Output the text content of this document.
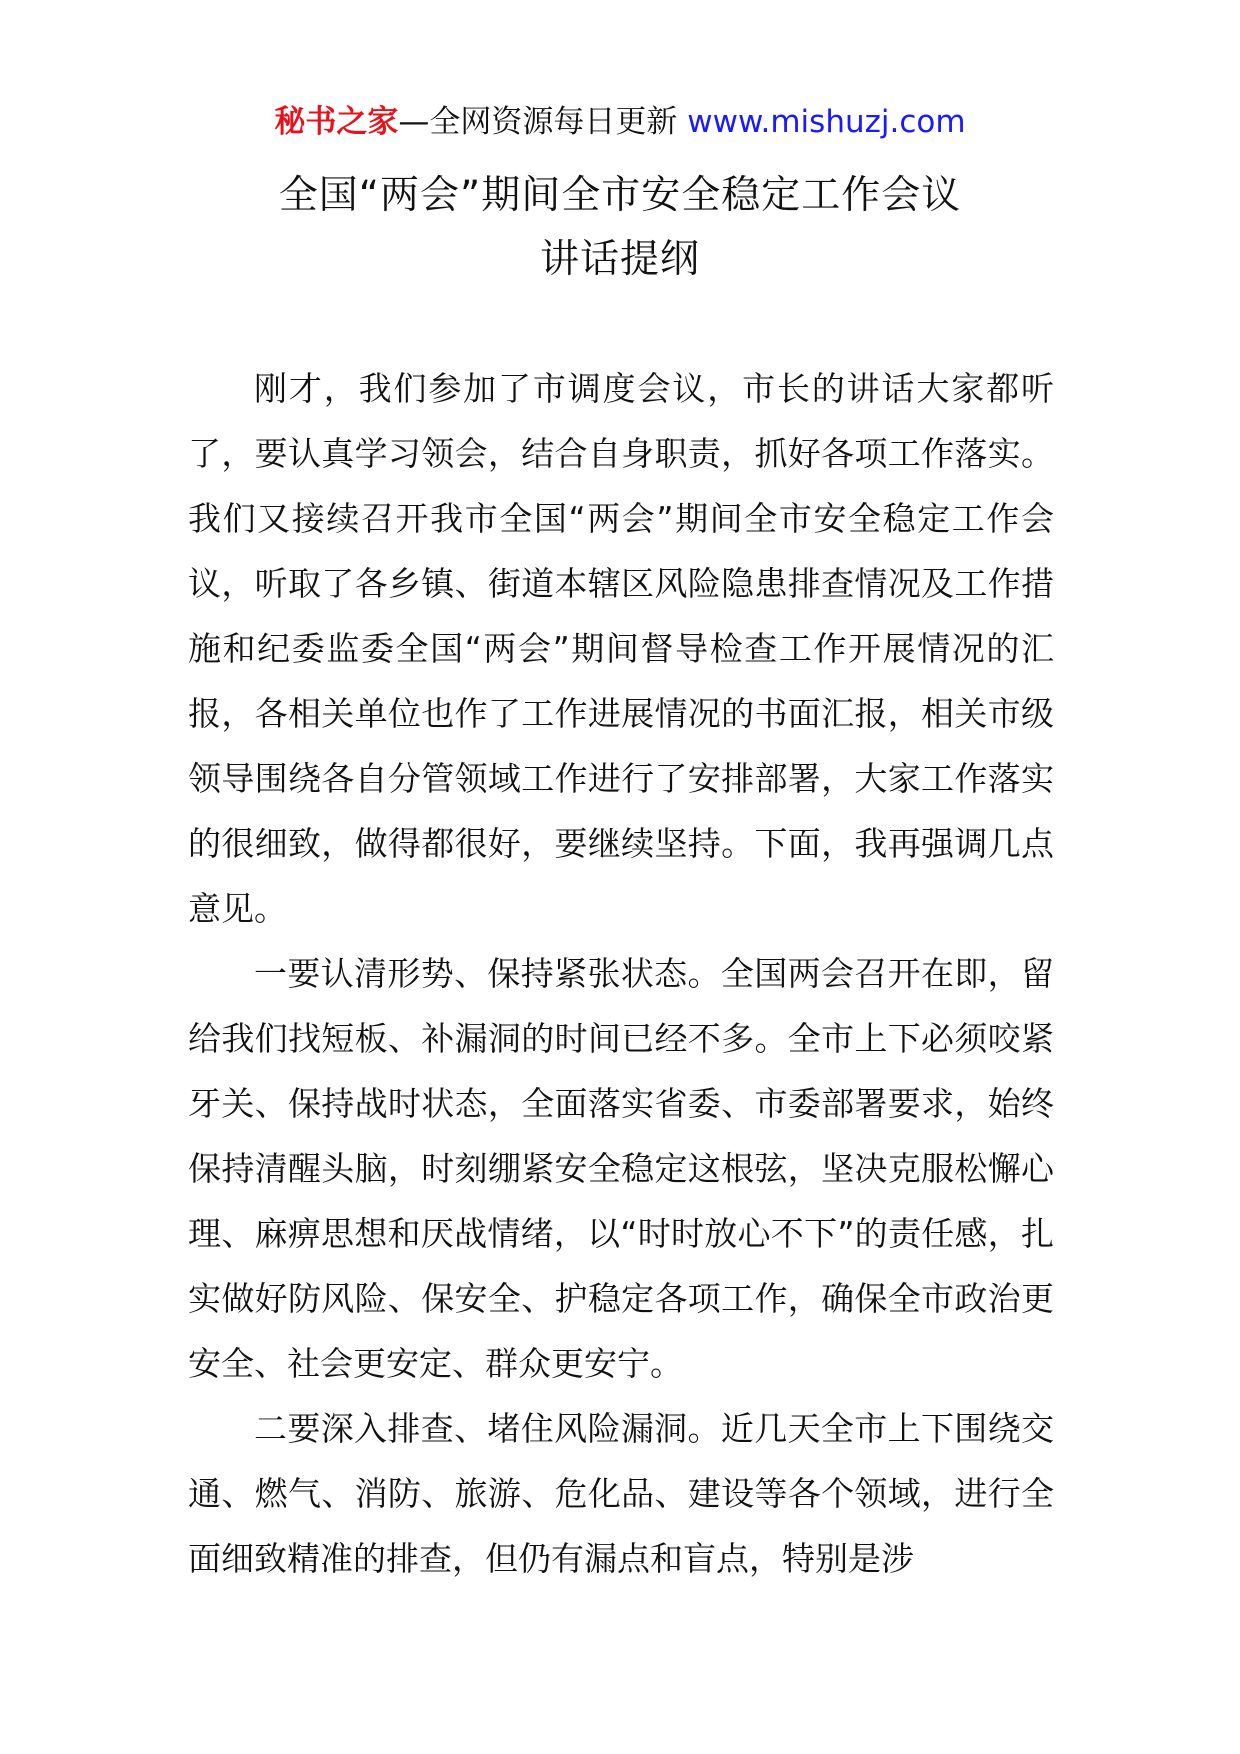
秘书之家—全网资源每日更新 www.mishuzj.com
全国“两会”期间全市安全稳定工作会议
讲话提纲

刚才，我们参加了市调度会议，市长的讲话大家都听了，要认真学习领会，结合自身职责，抓好各项工作落实。我们又接续召开我市全国“两会”期间全市安全稳定工作会议，听取了各乡镇、街道本辖区风险隐患排查情况及工作措施和纪委监委全国“两会”期间督导检查工作开展情况的汇报，各相关单位也作了工作进展情况的书面汇报，相关市级领导围绕各自分管领域工作进行了安排部署，大家工作落实的很细致，做得都很好，要继续坚持。下面，我再强调几点意见。

一要认清形势、保持紧张状态。全国两会召开在即，留给我们找短板、补漏洞的时间已经不多。全市上下必须咬紧牙关、保持战时状态，全面落实省委、市委部署要求，始终保持清醒头脑，时刻绷紧安全稳定这根弦，坚决克服松懈心理、麻痹思想和厌战情绪，以“时时放心不下”的责任感，扎实做好防风险、保安全、护稳定各项工作，确保全市政治更安全、社会更安定、群众更安宁。

二要深入排查、堵住风险漏洞。近几天全市上下围绕交通、燃气、消防、旅游、危化品、建设等各个领域，进行全面细致精准的排查，但仍有漏点和盲点，特别是涉
